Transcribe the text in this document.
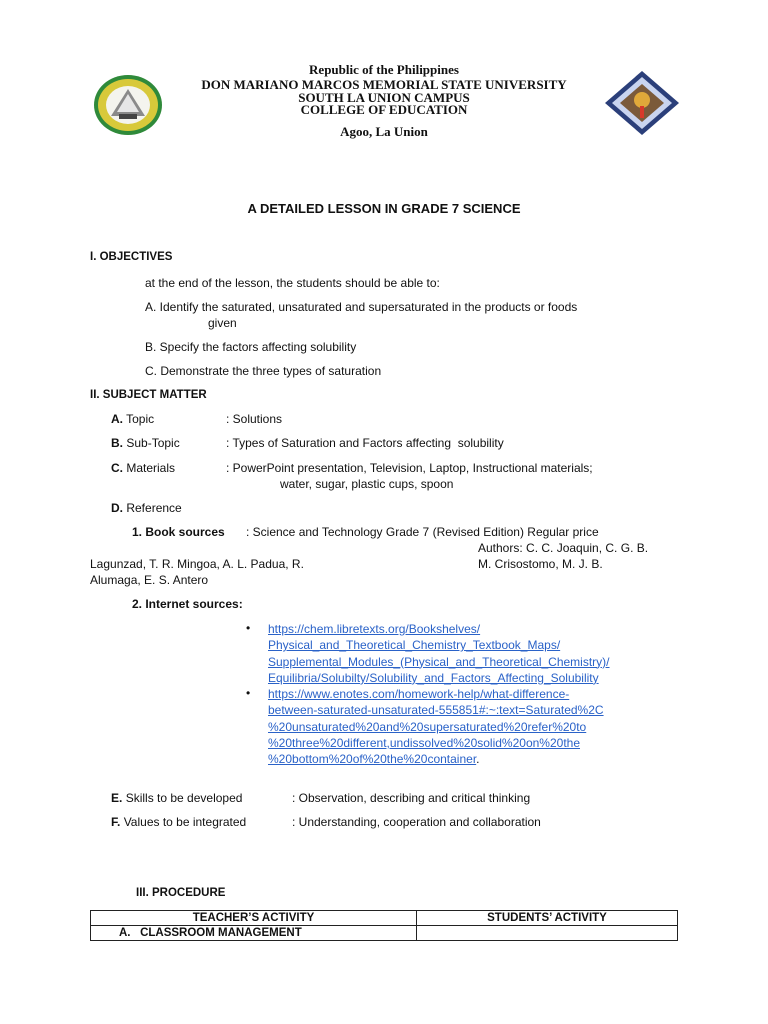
Republic of the Philippines
DON MARIANO MARCOS MEMORIAL STATE UNIVERSITY
SOUTH LA UNION CAMPUS
COLLEGE OF EDUCATION
Agoo, La Union
A DETAILED LESSON IN GRADE 7 SCIENCE
I. OBJECTIVES
at the end of the lesson, the students should be able to:
A. Identify the saturated, unsaturated and supersaturated in the products or foods
given
B. Specify the factors affecting solubility
C. Demonstrate the three types of saturation
II. SUBJECT MATTER
A. Topic	: Solutions
B. Sub-Topic	: Types of Saturation and Factors affecting  solubility
C. Materials	: PowerPoint presentation, Television, Laptop, Instructional materials;
water, sugar, plastic cups, spoon
D. Reference
1. Book sources : Science and Technology Grade 7 (Revised Edition) Regular price
Authors: C. C. Joaquin, C. G. B.
Lagunzad, T. R. Mingoa, A. L. Padua, R.	M. Crisostomo, M. J. B.
Alumaga, E. S. Antero
2. Internet sources:
• https://chem.libretexts.org/Bookshelves/
Physical_and_Theoretical_Chemistry_Textbook_Maps/
Supplemental_Modules_(Physical_and_Theoretical_Chemistry)/
Equilibria/Solubilty/Solubility_and_Factors_Affecting_Solubility
• https://www.enotes.com/homework-help/what-difference-
between-saturated-unsaturated-555851#:~:text=Saturated%2C
%20unsaturated%20and%20supersaturated%20refer%20to
%20three%20different,undissolved%20solid%20on%20the
%20bottom%20of%20the%20container.
E. Skills to be developed	: Observation, describing and critical thinking
F. Values to be integrated	: Understanding, cooperation and collaboration
III. PROCEDURE
TEACHER’S ACTIVITY	STUDENTS’ ACTIVITY
A.   CLASSROOM MANAGEMENT	
